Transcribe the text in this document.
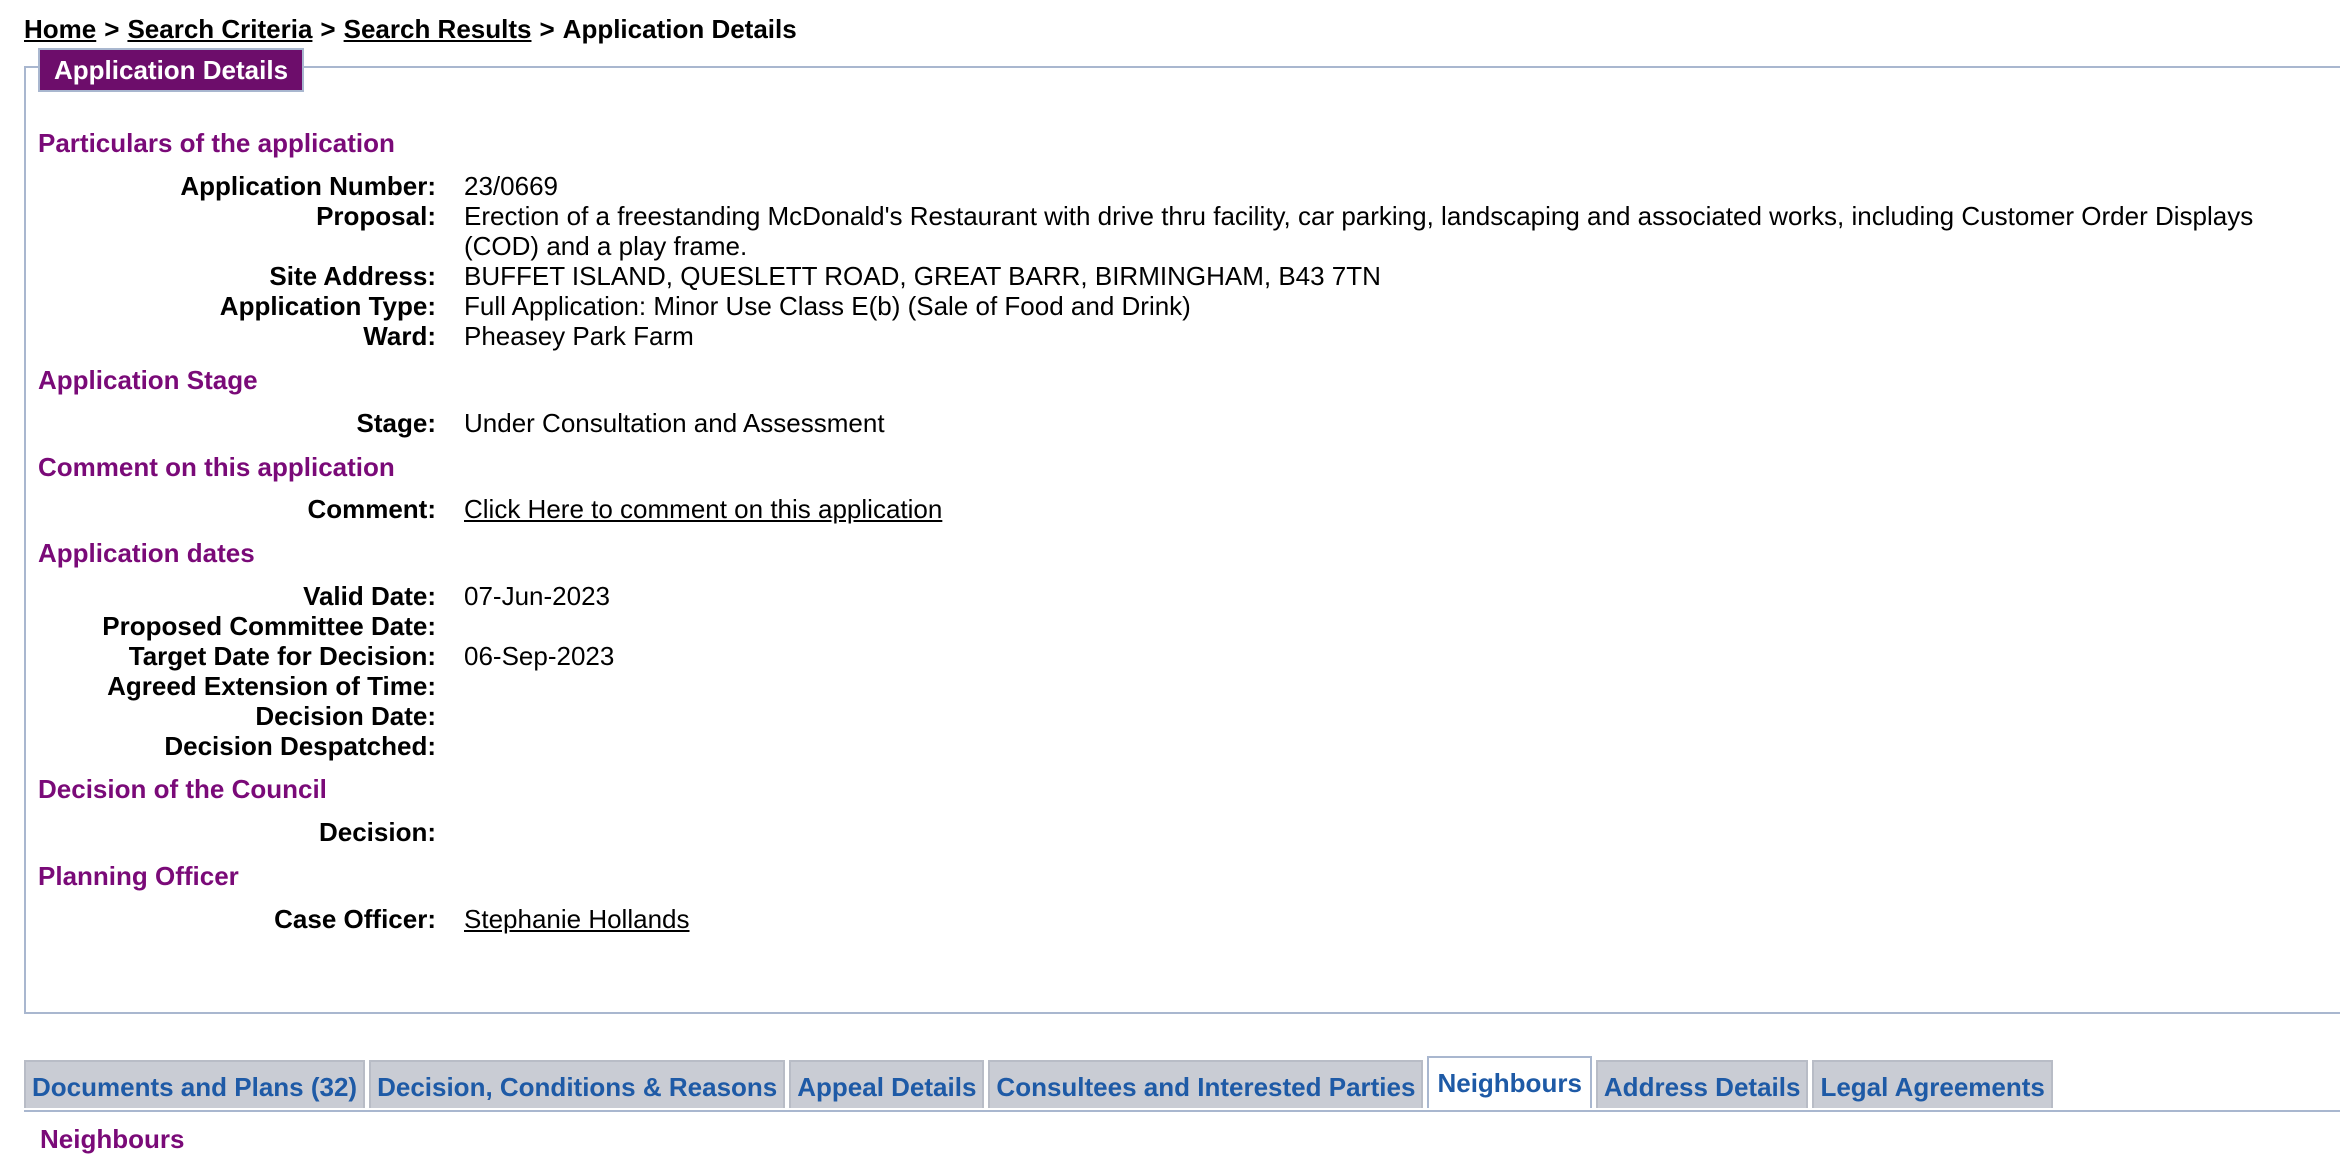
Home > Search Criteria > Search Results > Application Details
Application Details
Particulars of the application
Application Number: 23/0669
Proposal: Erection of a freestanding McDonald's Restaurant with drive thru facility, car parking, landscaping and associated works, including Customer Order Displays (COD) and a play frame.
Site Address: BUFFET ISLAND, QUESLETT ROAD, GREAT BARR, BIRMINGHAM, B43 7TN
Application Type: Full Application: Minor Use Class E(b) (Sale of Food and Drink)
Ward: Pheasey Park Farm
Application Stage
Stage: Under Consultation and Assessment
Comment on this application
Comment: Click Here to comment on this application
Application dates
Valid Date: 07-Jun-2023
Proposed Committee Date:
Target Date for Decision: 06-Sep-2023
Agreed Extension of Time:
Decision Date:
Decision Despatched:
Decision of the Council
Decision:
Planning Officer
Case Officer: Stephanie Hollands
Documents and Plans (32) Decision, Conditions & Reasons Appeal Details Consultees and Interested Parties Neighbours Address Details Legal Agreements
Neighbours
